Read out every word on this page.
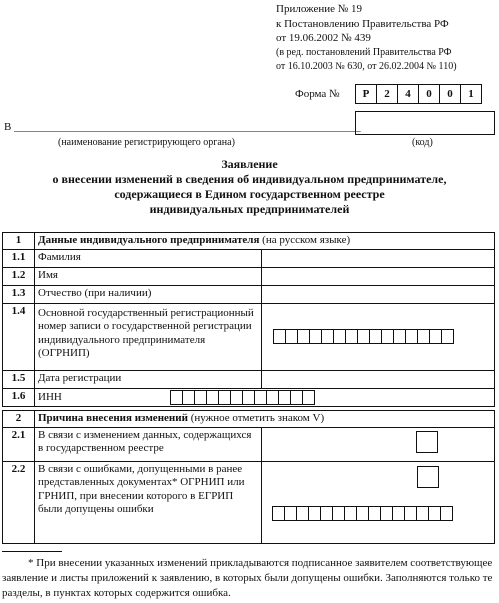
Приложение № 19
к Постановлению Правительства РФ
от 19.06.2002 № 439
(в ред. постановлений Правительства РФ
от 16.10.2003 № 630, от 26.02.2004 № 110)
Форма №	Р	2	4	0	0	1
В _______________________________________________________________
(наименование регистрирующего органа)	(код)
Заявление
о внесении изменений в сведения об индивидуальном предпринимателе,
содержащиеся в Едином государственном реестре
индивидуальных предпринимателей
1	Данные индивидуального предпринимателя (на русском языке)	
1.1	Фамилия	
1.2	Имя	
1.3	Отчество (при наличии)	
1.4	Основной государственный регистрационный номер записи о государственной регистрации индивидуального предпринимателя (ОГРНИП)	

1.5	Дата регистрации	
1.6	ИНН	
2	Причина внесения изменений (нужное отметить знаком V)	
2.1	В связи с изменением данных, содержащихся в государственном реестре	
2.2	В связи с ошибками, допущенными в ранее представленных документах* ОГРНИП или ГРНИП, при внесении которого в ЕГРИП были допущены ошибки	
* При внесении указанных изменений прикладываются подписанное заявителем соответствующее заявление и листы приложений к заявлению, в которых были допущены ошибки. Заполняются только те разделы, в пунктах которых содержится ошибка.
